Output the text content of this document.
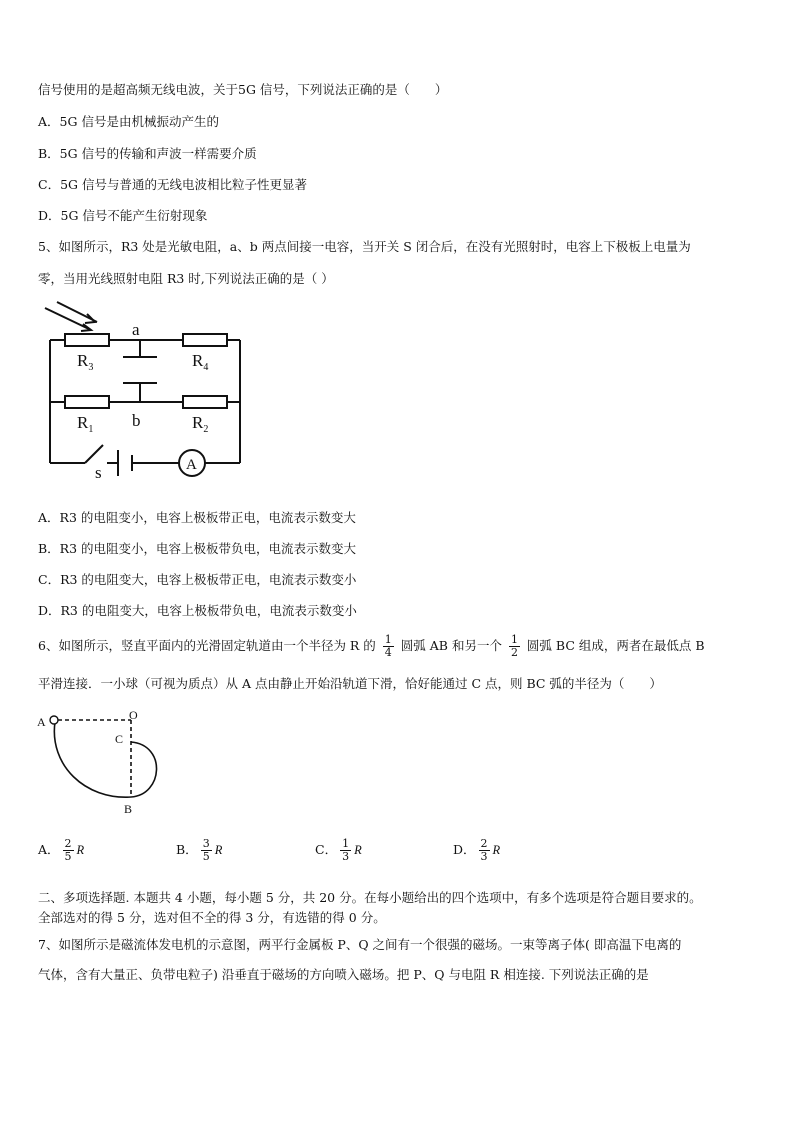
信号使用的是超高频无线电波，关于5G 信号，下列说法正确的是（　　）
A．5G 信号是由机械振动产生的
B．5G 信号的传输和声波一样需要介质
C．5G 信号与普通的无线电波相比粒子性更显著
D．5G 信号不能产生衍射现象
5、如图所示，R3 处是光敏电阻，a、b 两点间接一电容，当开关 S 闭合后，在没有光照射时，电容上下极板上电量为
零，当用光线照射电阻 R3 时,下列说法正确的是（ ）
a
b
$R_3$	$R_4$
$R_1$	$R_2$
s	A
A．R3 的电阻变小，电容上极板带正电，电流表示数变大
B．R3 的电阻变小，电容上极板带负电，电流表示数变大
C．R3 的电阻变大，电容上极板带正电，电流表示数变小
D．R3 的电阻变大，电容上极板带负电，电流表示数变小
6、如图所示，竖直平面内的光滑固定轨道由一个半径为 R 的 $\frac{1}{4}$ 圆弧 AB 和另一个 $\frac{1}{2}$ 圆弧 BC 组成，两者在最低点 B
平滑连接．一小球（可视为质点）从 A 点由静止开始沿轨道下滑，恰好能通过 C 点，则 BC 弧的半径为（　　）
A	O
C
B
A． $\frac{2}{5}$ R	B． $\frac{3}{5}$ R	C． $\frac{1}{3}$ R	D． $\frac{2}{3}$ R
二、多项选择题. 本题共 4 小题，每小题 5 分，共 20 分。在每小题给出的四个选项中，有多个选项是符合题目要求的。
全部选对的得 5 分，选对但不全的得 3 分，有选错的得 0 分。
7、如图所示是磁流体发电机的示意图，两平行金属板 P、Q 之间有一个很强的磁场。一束等离子体( 即高温下电离的
气体，含有大量正、负带电粒子) 沿垂直于磁场的方向喷入磁场。把 P、Q 与电阻 R 相连接. 下列说法正确的是
